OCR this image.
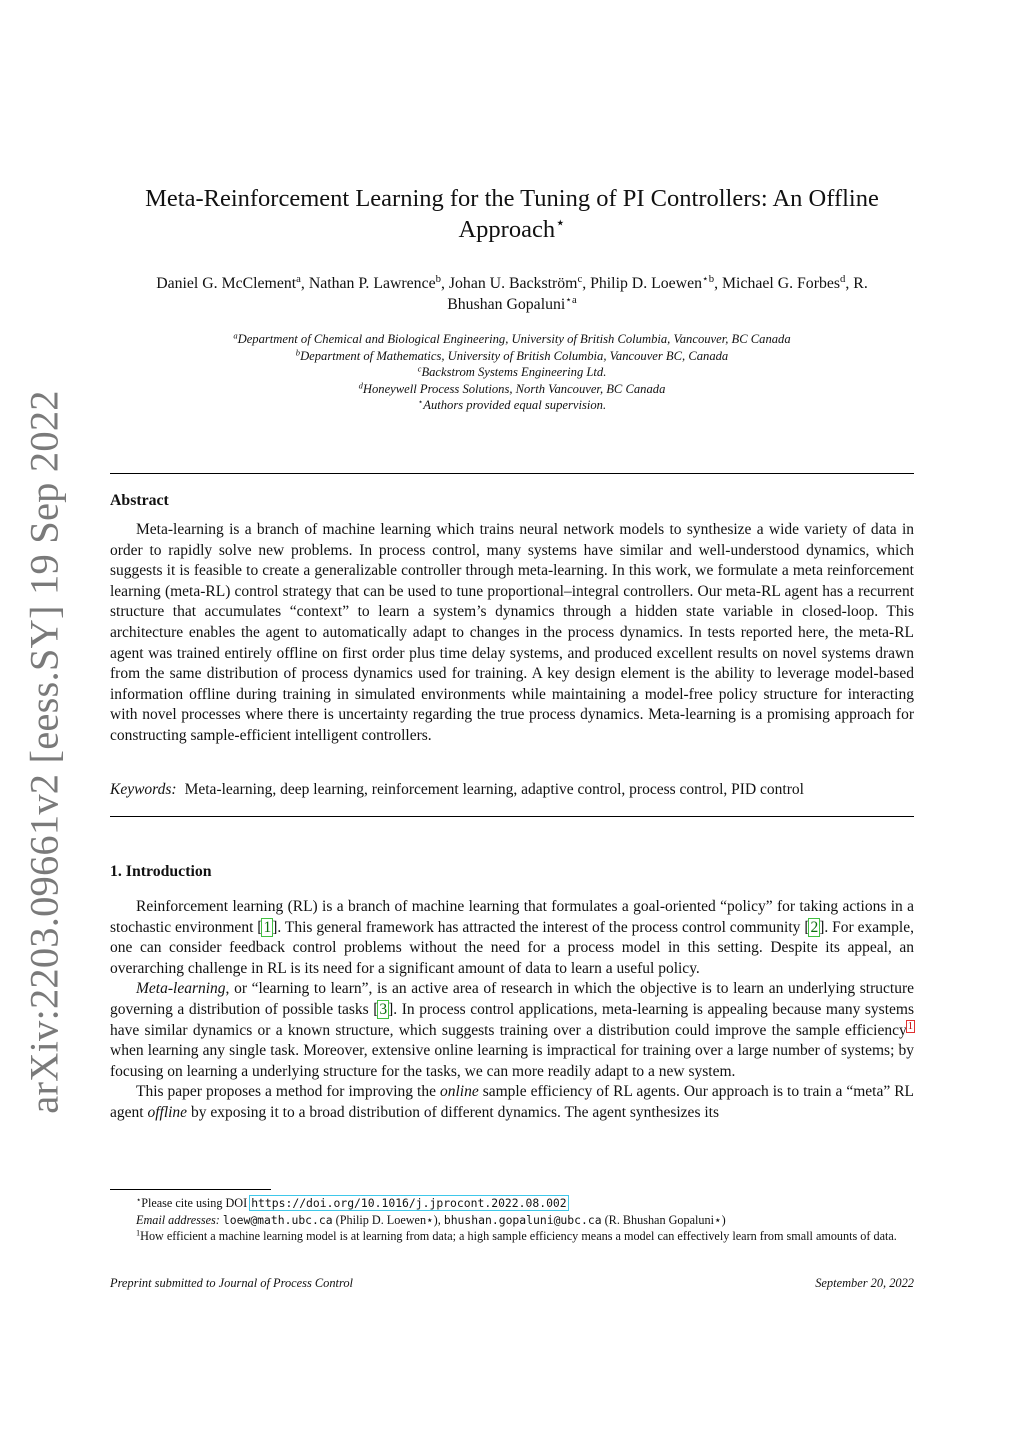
arXiv:2203.09661v2 [eess.SY] 19 Sep 2022
Meta-Reinforcement Learning for the Tuning of PI Controllers: An Offline
Approach⋆
Daniel G. McClement$^a$, Nathan P. Lawrence$^b$, Johan U. Backström$^c$, Philip D. Loewen$^{⋆b}$, Michael G. Forbes$^d$, R.
Bhushan Gopaluni$^{⋆a}$
$^a$Department of Chemical and Biological Engineering, University of British Columbia, Vancouver, BC Canada
$^b$Department of Mathematics, University of British Columbia, Vancouver BC, Canada
$^c$Backstrom Systems Engineering Ltd.
$^d$Honeywell Process Solutions, North Vancouver, BC Canada
⋆Authors provided equal supervision.
Abstract

Meta-learning is a branch of machine learning which trains neural network models to synthesize a wide variety of data in order to rapidly solve new problems. In process control, many systems have similar and well-understood dynamics, which suggests it is feasible to create a generalizable controller through meta-learning. In this work, we formulate a meta reinforcement learning (meta-RL) control strategy that can be used to tune proportional–integral controllers. Our meta-RL agent has a recurrent structure that accumulates “context” to learn a system’s dynamics through a hidden state variable in closed-loop. This architecture enables the agent to automatically adapt to changes in the process dynamics. In tests reported here, the meta-RL agent was trained entirely offline on first order plus time delay systems, and produced excellent results on novel systems drawn from the same distribution of process dynamics used for training. A key design element is the ability to leverage model-based information offline during training in simulated environments while maintaining a model-free policy structure for interacting with novel processes where there is uncertainty regarding the true process dynamics. Meta-learning is a promising approach for constructing sample-efficient intelligent controllers.

Keywords: Meta-learning, deep learning, reinforcement learning, adaptive control, process control, PID control
1. Introduction

Reinforcement learning (RL) is a branch of machine learning that formulates a goal-oriented “policy” for taking actions in a stochastic environment [1]. This general framework has attracted the interest of the process control community [2]. For example, one can consider feedback control problems without the need for a process model in this setting. Despite its appeal, an overarching challenge in RL is its need for a significant amount of data to learn a useful policy.

Meta-learning, or “learning to learn”, is an active area of research in which the objective is to learn an underlying structure governing a distribution of possible tasks [3]. In process control applications, meta-learning is appealing because many systems have similar dynamics or a known structure, which suggests training over a distribution could improve the sample efficiency$^1$ when learning any single task. Moreover, extensive online learning is impractical for training over a large number of systems; by focusing on learning a underlying structure for the tasks, we can more readily adapt to a new system.

This paper proposes a method for improving the online sample efficiency of RL agents. Our approach is to train a “meta” RL agent offline by exposing it to a broad distribution of different dynamics. The agent synthesizes its

⋆Please cite using DOI https://doi.org/10.1016/j.jprocont.2022.08.002

Email addresses: loew@math.ubc.ca (Philip D. Loewen⋆), bhushan.gopaluni@ubc.ca (R. Bhushan Gopaluni⋆)

$^1$How efficient a machine learning model is at learning from data; a high sample efficiency means a model can effectively learn from small amounts of data.

Preprint submitted to Journal of Process Control	September 20, 2022
